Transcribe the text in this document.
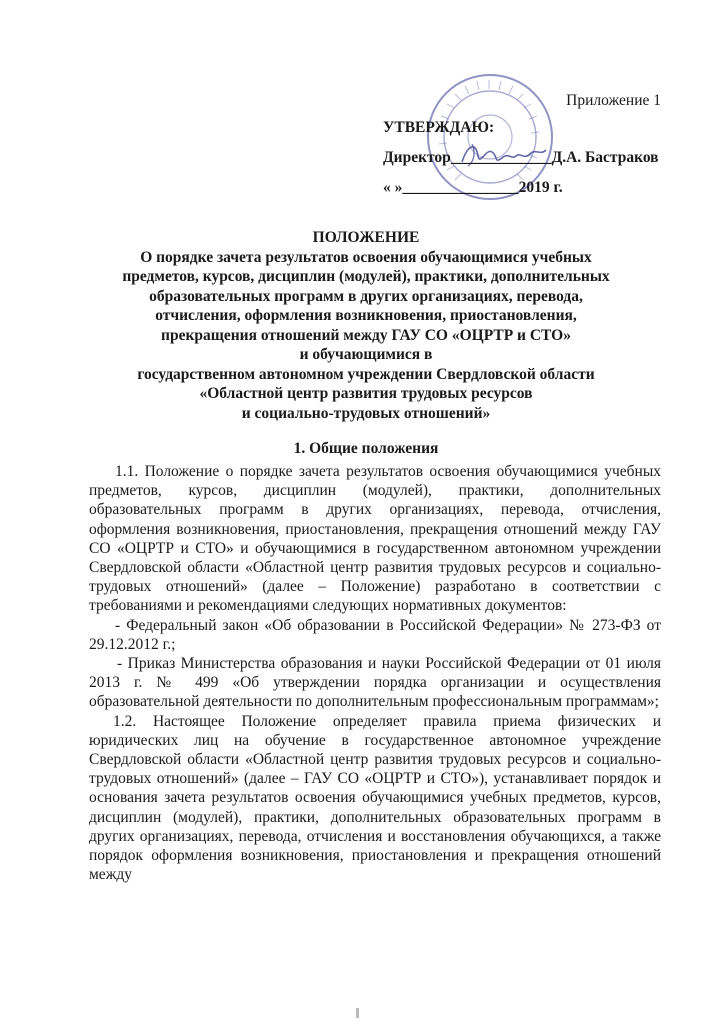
Приложение 1
УТВЕРЖДАЮ:
Директор_____________Д.А. Бастраков
« »_______________2019 г.
ПОЛОЖЕНИЕ
О порядке зачета результатов освоения обучающимися учебных
предметов, курсов, дисциплин (модулей), практики, дополнительных
образовательных программ в других организациях, перевода,
отчисления, оформления возникновения, приостановления,
прекращения отношений между ГАУ СО «ОЦРТР и СТО»
и обучающимися в
государственном автономном учреждении Свердловской области
«Областной центр развития трудовых ресурсов
и социально-трудовых отношений»
1. Общие положения

1.1. Положение о порядке зачета результатов освоения обучающимися учебных предметов, курсов, дисциплин (модулей), практики, дополнительных образовательных программ в других организациях, перевода, отчисления, оформления возникновения, приостановления, прекращения отношений между ГАУ СО «ОЦРТР и СТО» и обучающимися в государственном автономном учреждении Свердловской области «Областной центр развития трудовых ресурсов и социально-трудовых отношений» (далее – Положение) разработано в соответствии с требованиями и рекомендациями следующих нормативных документов:

- Федеральный закон «Об образовании в Российской Федерации» № 273-ФЗ от 29.12.2012 г.;

- Приказ Министерства образования и науки Российской Федерации от 01 июля 2013 г. № 499 «Об утверждении порядка организации и осуществления образовательной деятельности по дополнительным профессиональным программам»;

1.2. Настоящее Положение определяет правила приема физических и юридических лиц на обучение в государственное автономное учреждение Свердловской области «Областной центр развития трудовых ресурсов и социально-трудовых отношений» (далее – ГАУ СО «ОЦРТР и СТО»), устанавливает порядок и основания зачета результатов освоения обучающимися учебных предметов, курсов, дисциплин (модулей), практики, дополнительных образовательных программ в других организациях, перевода, отчисления и восстановления обучающихся, а также порядок оформления возникновения, приостановления и прекращения отношений между
